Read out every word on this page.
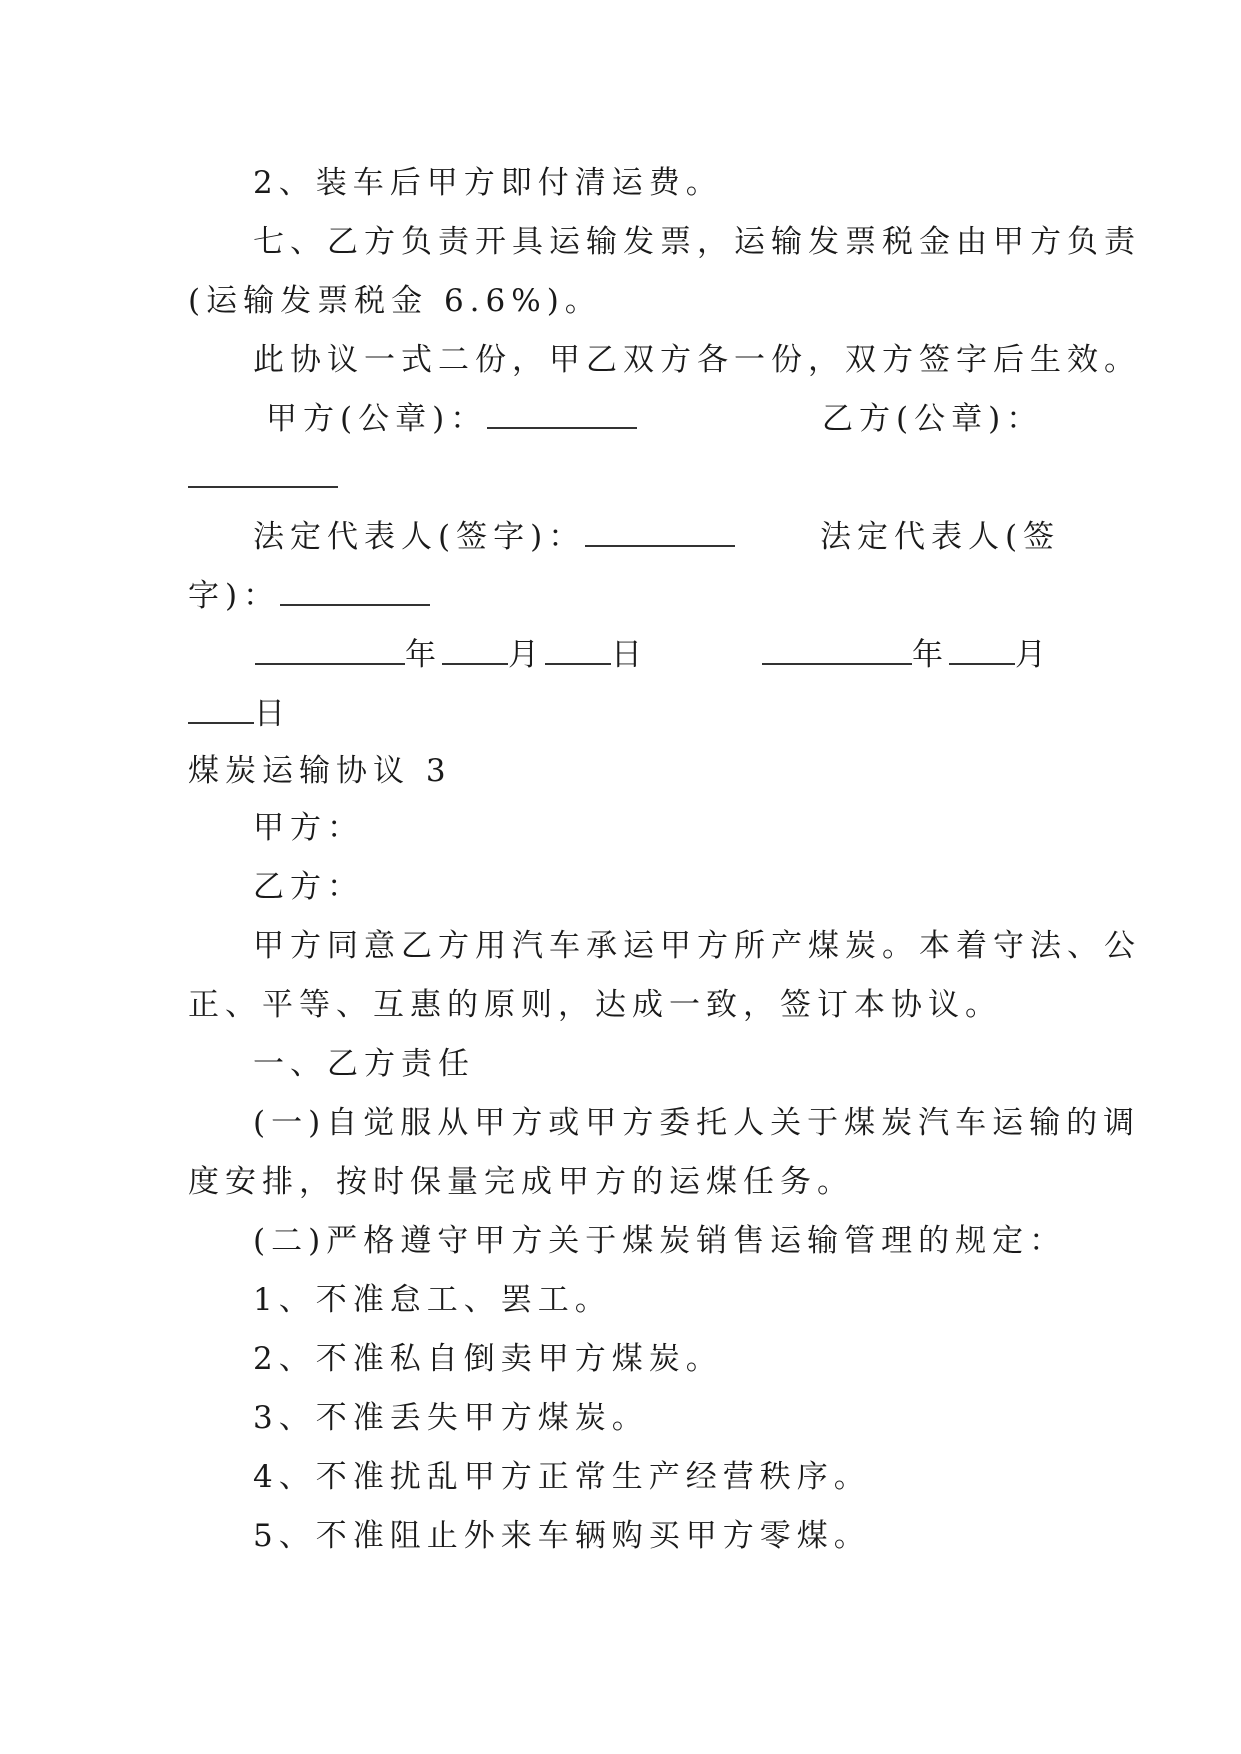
2、装车后甲方即付清运费。
七、乙方负责开具运输发票，运输发票税金由甲方负责
(运输发票税金 6.6%)。
此协议一式二份，甲乙双方各一份，双方签字后生效。
甲方(公章)：	乙方(公章)：
法定代表人(签字)：	法定代表人(签
字)：
年 月 日	年 月
日
煤炭运输协议 3
甲方：
乙方：
甲方同意乙方用汽车承运甲方所产煤炭。本着守法、公
正、平等、互惠的原则，达成一致，签订本协议。
一、乙方责任
(一)自觉服从甲方或甲方委托人关于煤炭汽车运输的调
度安排，按时保量完成甲方的运煤任务。
(二)严格遵守甲方关于煤炭销售运输管理的规定：
1、不准怠工、罢工。
2、不准私自倒卖甲方煤炭。
3、不准丢失甲方煤炭。
4、不准扰乱甲方正常生产经营秩序。
5、不准阻止外来车辆购买甲方零煤。
